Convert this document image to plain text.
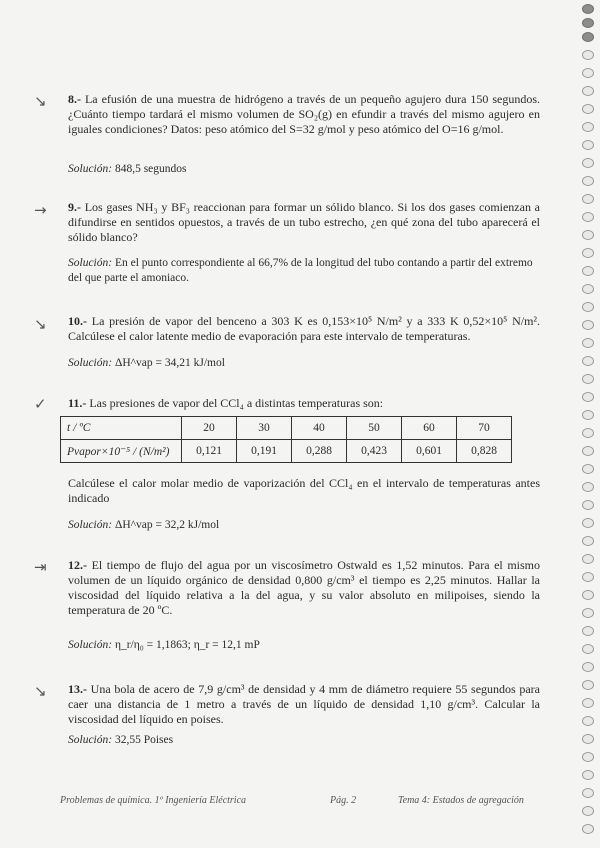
↘ 8.- La efusión de una muestra de hidrógeno a través de un pequeño agujero dura 150 segundos. ¿Cuánto tiempo tardará el mismo volumen de SO₂(g) en efundir a través del mismo agujero en iguales condiciones? Datos: peso atómico del S=32 g/mol y peso atómico del O=16 g/mol.

Solución: 848,5 segundos
→ 9.- Los gases NH₃ y BF₃ reaccionan para formar un sólido blanco. Si los dos gases comienzan a difundirse en sentidos opuestos, a través de un tubo estrecho, ¿en qué zona del tubo aparecerá el sólido blanco?

Solución: En el punto correspondiente al 66,7% de la longitud del tubo contando a partir del extremo del que parte el amoniaco.
↘ 10.- La presión de vapor del benceno a 303 K es 0,153×10⁵ N/m² y a 333 K 0,52×10⁵ N/m². Calcúlese el calor latente medio de evaporación para este intervalo de temperaturas.

Solución: ΔH^vap = 34,21 kJ/mol
✓ 11.- Las presiones de vapor del CCl₄ a distintas temperaturas son:

t / ºC	20	30	40	50	60	70
Pvapor×10⁻⁵ / (N/m²)	0,121	0,191	0,288	0,423	0,601	0,828

Calcúlese el calor molar medio de vaporización del CCl₄ en el intervalo de temperaturas antes indicado

Solución: ΔH^vap = 32,2 kJ/mol
⇥ 12.- El tiempo de flujo del agua por un viscosímetro Ostwald es 1,52 minutos. Para el mismo volumen de un líquido orgánico de densidad 0,800 g/cm³ el tiempo es 2,25 minutos. Hallar la viscosidad del líquido relativa a la del agua, y su valor absoluto en milipoises, siendo la temperatura de 20 ºC.

Solución: η_r/η₀ = 1,1863; η_r = 12,1 mP
↘ 13.- Una bola de acero de 7,9 g/cm³ de densidad y 4 mm de diámetro requiere 55 segundos para caer una distancia de 1 metro a través de un líquido de densidad 1,10 g/cm³. Calcular la viscosidad del líquido en poises.

Solución: 32,55 Poises
Problemas de química. 1º Ingeniería Eléctrica	Pág. 2	Tema 4: Estados de agregación
